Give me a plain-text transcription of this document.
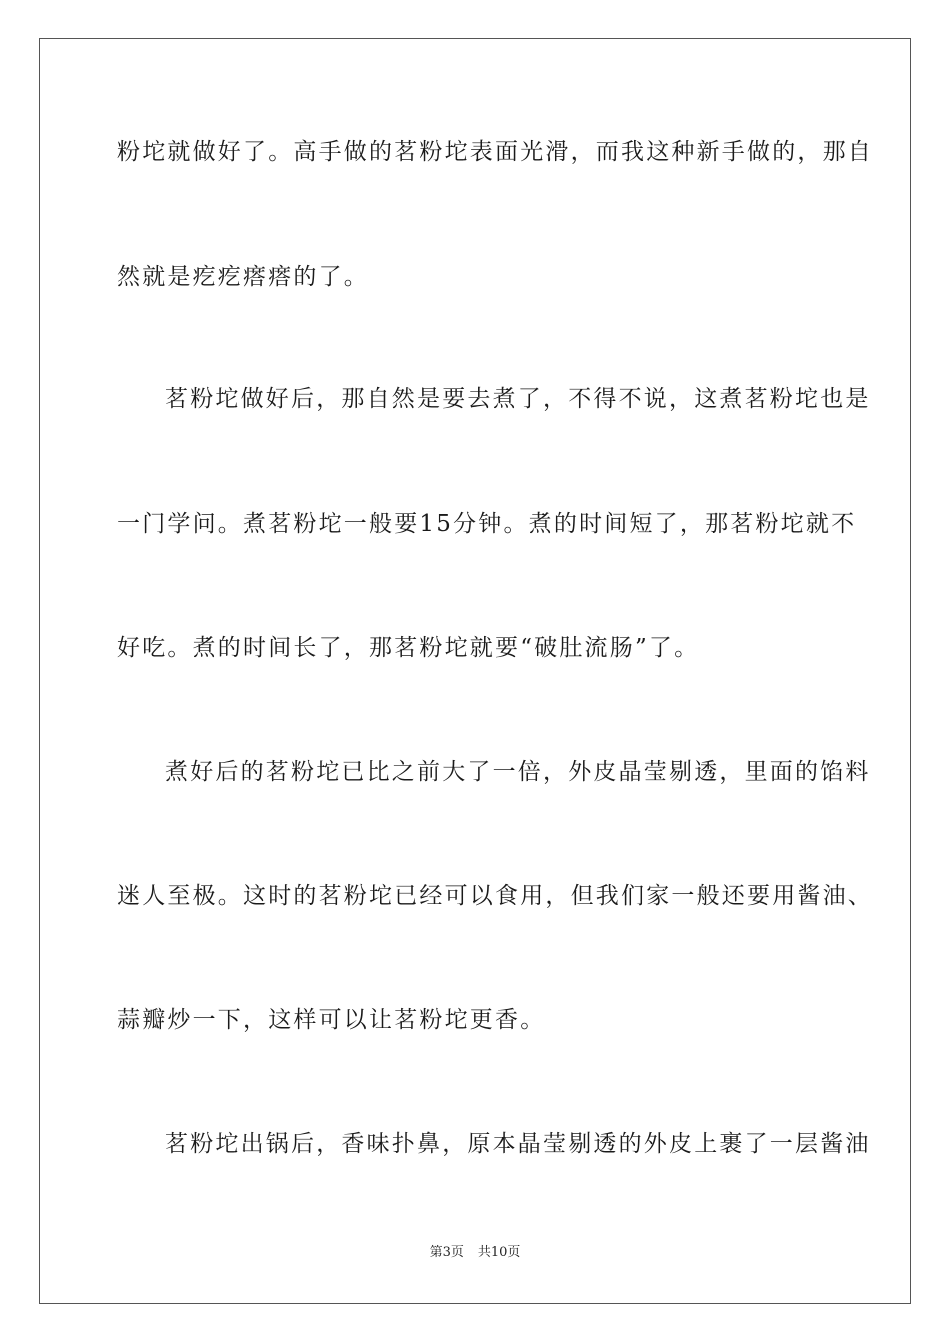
粉坨就做好了。高手做的茗粉坨表面光滑，而我这种新手做的，那自
然就是疙疙瘩瘩的了。
茗粉坨做好后，那自然是要去煮了，不得不说，这煮茗粉坨也是
一门学问。煮茗粉坨一般要15分钟。煮的时间短了，那茗粉坨就不
好吃。煮的时间长了，那茗粉坨就要“破肚流肠”了。
煮好后的茗粉坨已比之前大了一倍，外皮晶莹剔透，里面的馅料
迷人至极。这时的茗粉坨已经可以食用，但我们家一般还要用酱油、
蒜瓣炒一下，这样可以让茗粉坨更香。
茗粉坨出锅后，香味扑鼻，原本晶莹剔透的外皮上裹了一层酱油
第3页 共10页
